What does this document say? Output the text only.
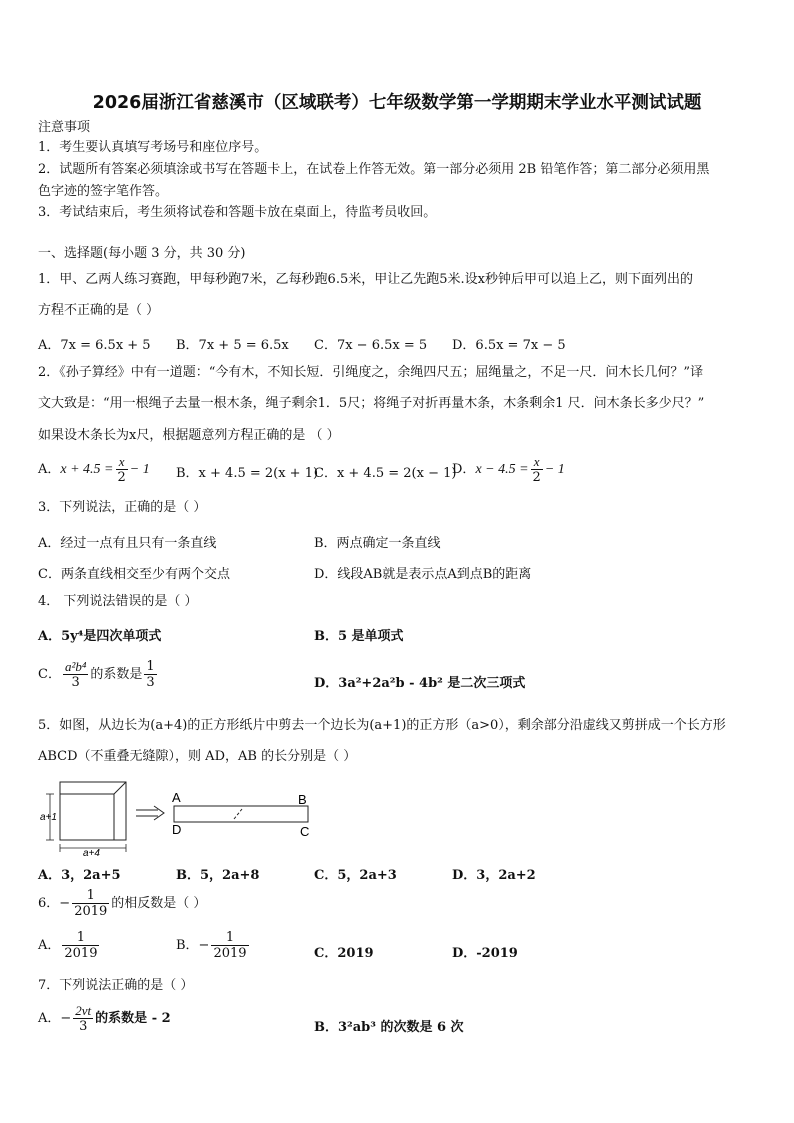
2026届浙江省慈溪市（区域联考）七年级数学第一学期期末学业水平测试试题
注意事项
1．考生要认真填写考场号和座位序号。
2．试题所有答案必须填涂或书写在答题卡上，在试卷上作答无效。第一部分必须用 2B 铅笔作答；第二部分必须用黑
色字迹的签字笔作答。
3．考试结束后，考生须将试卷和答题卡放在桌面上，待监考员收回。
一、选择题(每小题 3 分，共 30 分)
1．甲、乙两人练习赛跑，甲每秒跑7米，乙每秒跑6.5米，甲让乙先跑5米.设x秒钟后甲可以追上乙，则下面列出的
方程不正确的是（ ）
A．7x = 6.5x + 5 B．7x + 5 = 6.5x C．7x − 6.5x = 5 D．6.5x = 7x − 5
2．《孙子算经》中有一道题：“今有木，不知长短．引绳度之，余绳四尺五；屈绳量之，不足一尺．问木长几何？”译
文大致是：“用一根绳子去量一根木条，绳子剩余1．5尺；将绳子对折再量木条，木条剩余1 尺．问木条长多少尺？”
如果设木条长为x尺，根据题意列方程正确的是 （ ）
A．$x + 4.5 = \frac{x}{2} - 1$ B．x + 4.5 = 2(x + 1)
C．x + 4.5 = 2(x − 1)
D．$x - 4.5 = \frac{x}{2} - 1$
3．下列说法，正确的是（ ）
A．经过一点有且只有一条直线	B．两点确定一条直线
C．两条直线相交至少有两个交点	D．线段AB就是表示点A到点B的距离
4． 下列说法错误的是（ ）
A．5y⁴是四次单项式	B．5 是单项式
C． $\frac{\text{a²b⁴}}{3}$ 的系数是 $\frac{1}{3}$	D．3a²+2a²b - 4b² 是二次三项式
5．如图，从边长为(a+4)的正方形纸片中剪去一个边长为(a+1)的正方形（a>0），剩余部分沿虚线又剪拼成一个长方形
ABCD（不重叠无缝隙），则 AD，AB 的长分别是（ ）
a+1
a+4
A	B
D	C
A．3，2a+5	B．5，2a+8	C．5，2a+3	D．3，2a+2
6．− $\frac{1}{2019}$ 的相反数是（ ）
A． $\frac{1}{2019}$	B．− $\frac{1}{2019}$	C．2019	D．-2019
7．下列说法正确的是（ ）
A．− $\frac{2vt}{3}$ 的系数是 - 2
B．3²ab³ 的次数是 6 次
